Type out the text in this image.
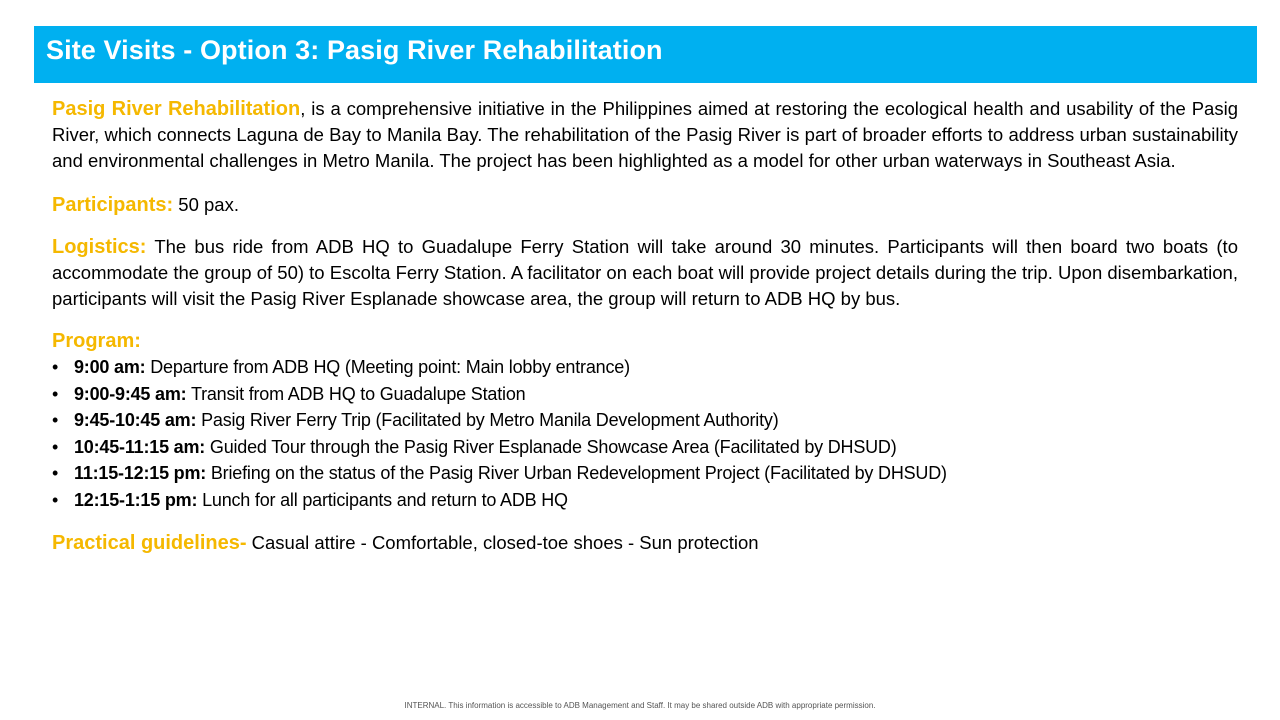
Site Visits - Option 3: Pasig River Rehabilitation

Pasig River Rehabilitation, is a comprehensive initiative in the Philippines aimed at restoring the ecological health and usability of the Pasig River, which connects Laguna de Bay to Manila Bay. The rehabilitation of the Pasig River is part of broader efforts to address urban sustainability and environmental challenges in Metro Manila. The project has been highlighted as a model for other urban waterways in Southeast Asia.

Participants: 50 pax.

Logistics: The bus ride from ADB HQ to Guadalupe Ferry Station will take around 30 minutes. Participants will then board two boats (to accommodate the group of 50) to Escolta Ferry Station. A facilitator on each boat will provide project details during the trip. Upon disembarkation, participants will visit the Pasig River Esplanade showcase area, the group will return to ADB HQ by bus.

Program:

• 9:00 am: Departure from ADB HQ (Meeting point: Main lobby entrance)
• 9:00-9:45 am: Transit from ADB HQ to Guadalupe Station
• 9:45-10:45 am: Pasig River Ferry Trip (Facilitated by Metro Manila Development Authority)
• 10:45-11:15 am: Guided Tour through the Pasig River Esplanade Showcase Area (Facilitated by DHSUD)
• 11:15-12:15 pm: Briefing on the status of the Pasig River Urban Redevelopment Project (Facilitated by DHSUD)
• 12:15-1:15 pm: Lunch for all participants and return to ADB HQ

Practical guidelines- Casual attire - Comfortable, closed-toe shoes - Sun protection

INTERNAL. This information is accessible to ADB Management and Staff. It may be shared outside ADB with appropriate permission.
